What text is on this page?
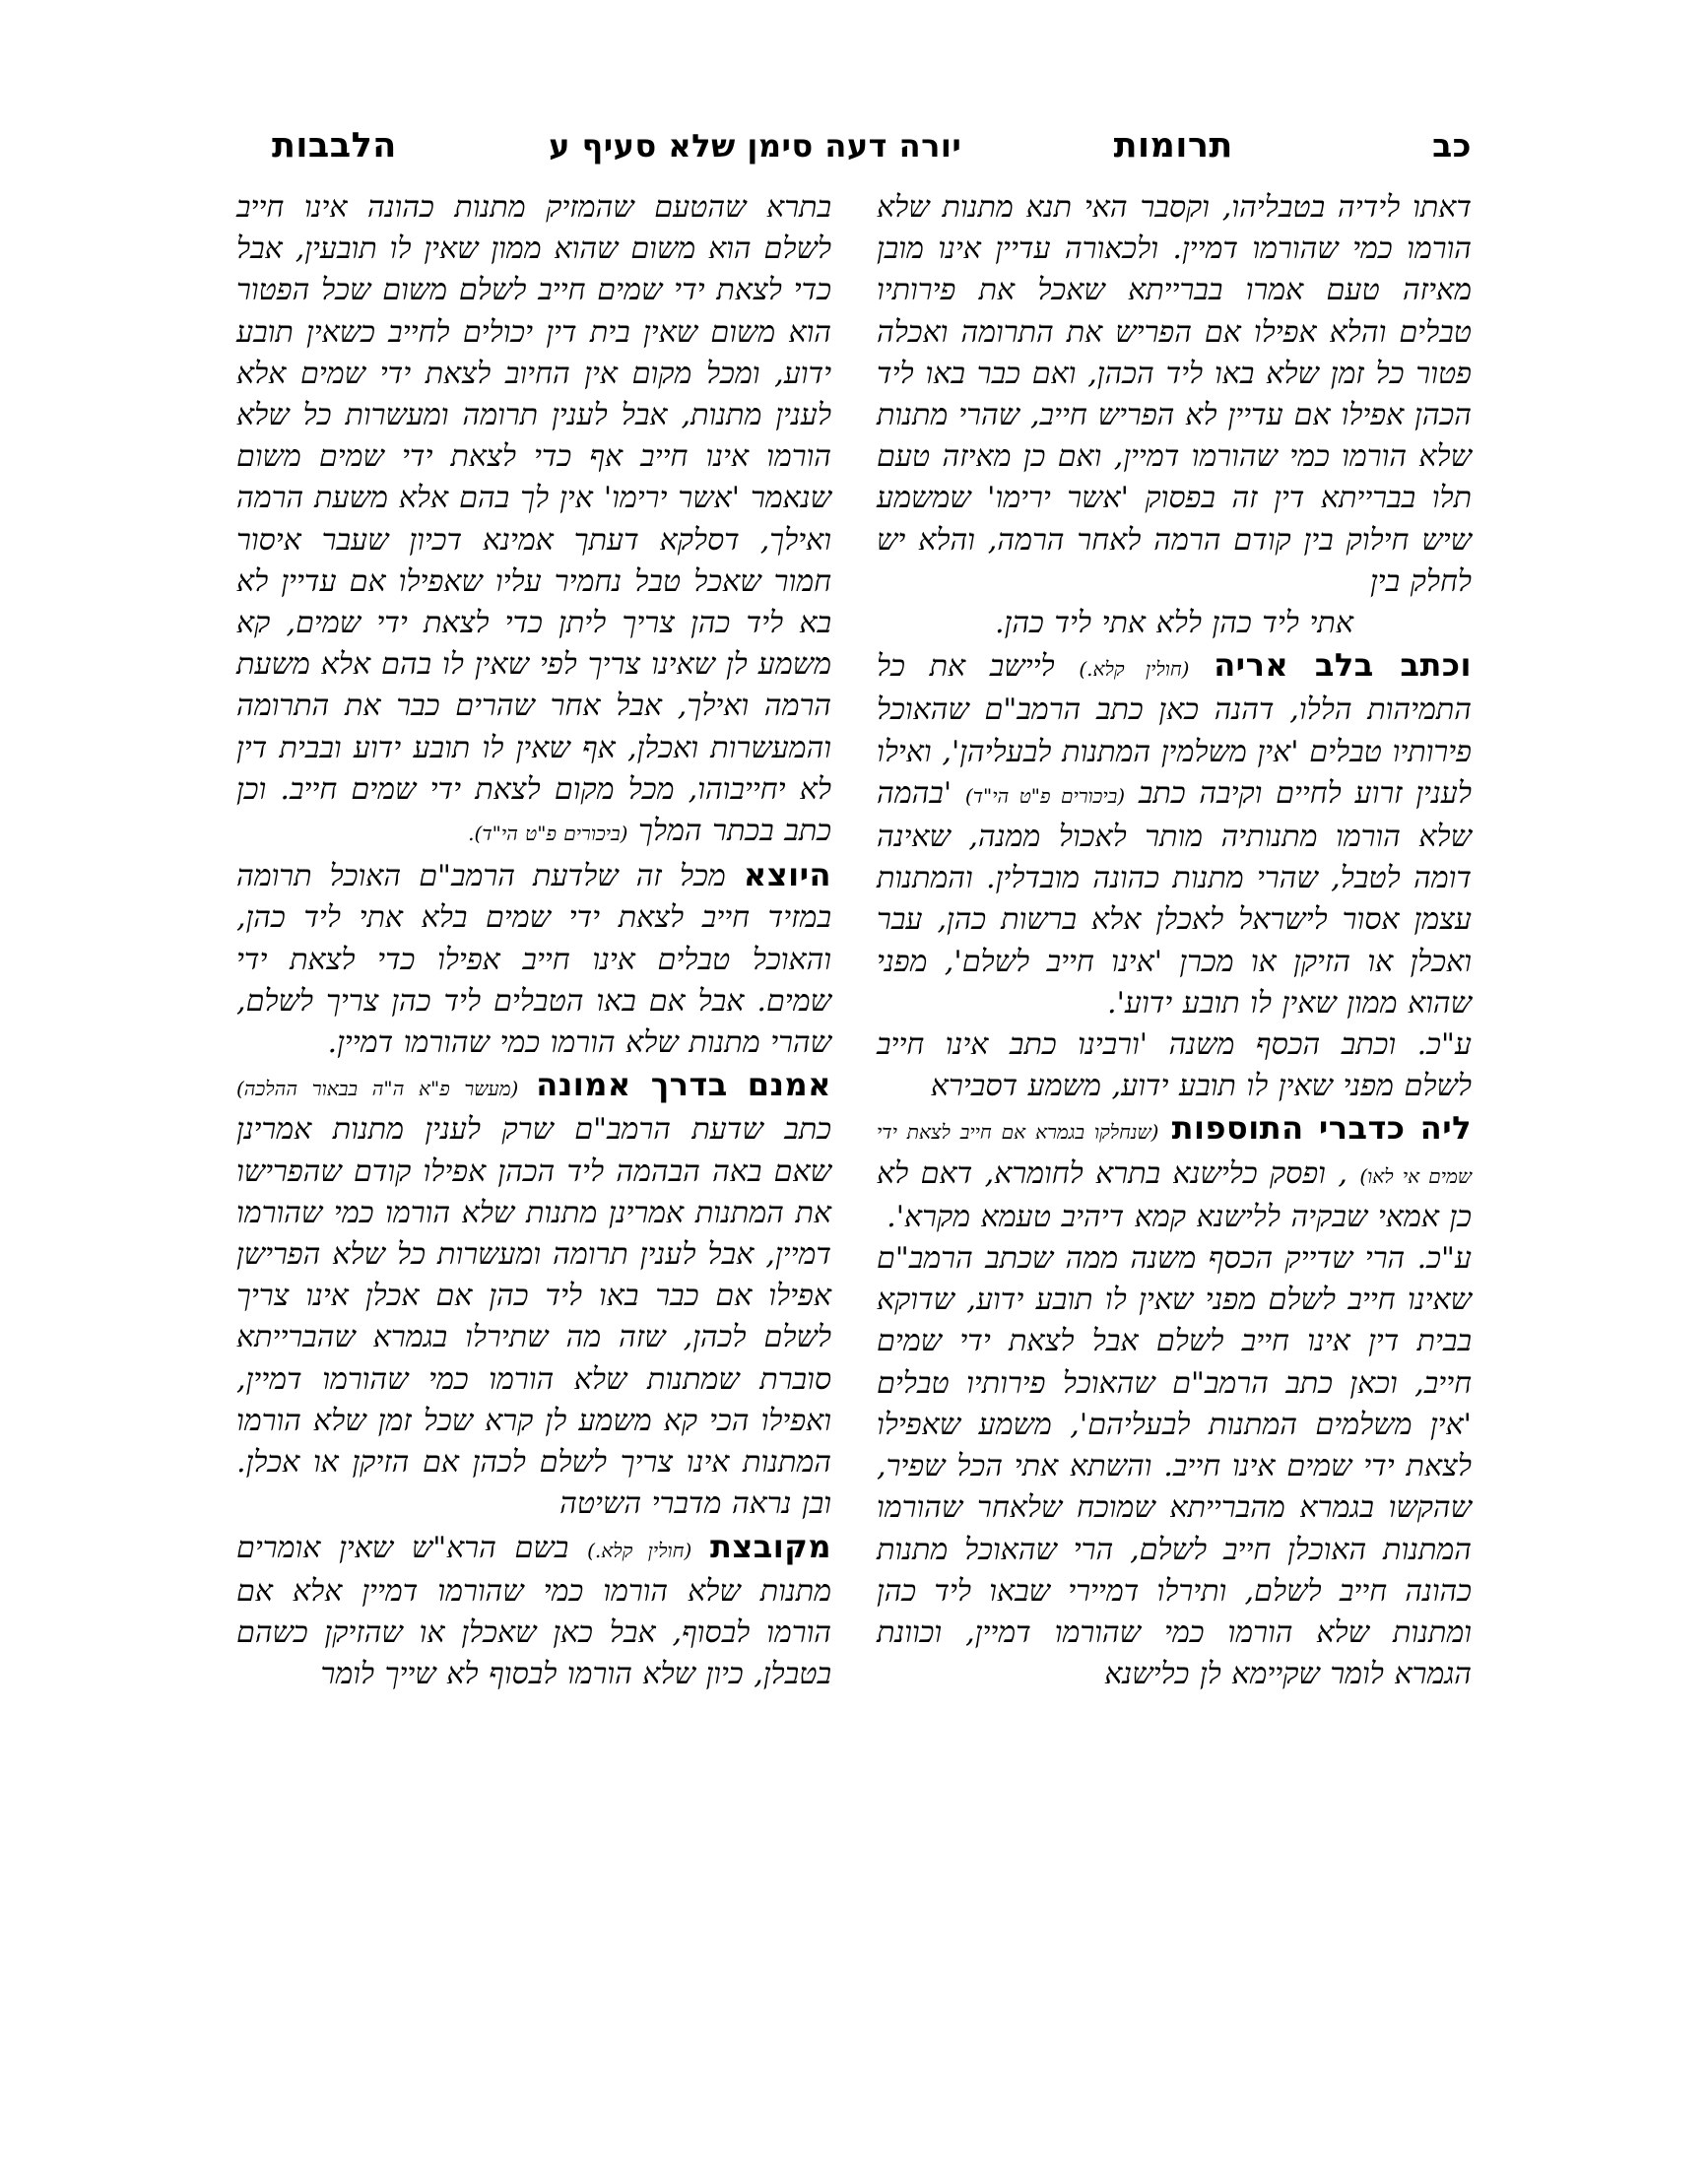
כב
תרומות
יורה דעה סימן שלא סעיף ע
הלבבות

דאתו לידיה בטבליהו, וקסבר האי תנא מתנות שלא הורמו כמי שהורמו דמיין. ולכאורה עדיין אינו מובן מאיזה טעם אמרו בברייתא שאכל את פירותיו טבלים והלא אפילו אם הפריש את התרומה ואכלה פטור כל זמן שלא באו ליד הכהן, ואם כבר באו ליד הכהן אפילו אם עדיין לא הפריש חייב, שהרי מתנות שלא הורמו כמי שהורמו דמיין, ואם כן מאיזה טעם תלו בברייתא דין זה בפסוק 'אשר ירימו' שמשמע שיש חילוק בין קודם הרמה לאחר הרמה, והלא יש לחלק בין

אתי ליד כהן ללא אתי ליד כהן.

וכתב בלב אריה (חולין קלא.) ליישב את כל התמיהות הללו, דהנה כאן כתב הרמב"ם שהאוכל פירותיו טבלים 'אין משלמין המתנות לבעליהן', ואילו לענין זרוע לחיים וקיבה כתב (ביכורים פ"ט הי"ד) 'בהמה שלא הורמו מתנותיה מותר לאכול ממנה, שאינה דומה לטבל, שהרי מתנות כהונה מובדלין. והמתנות עצמן אסור לישראל לאכלן אלא ברשות כהן, עבר ואכלן או הזיקן או מכרן 'אינו חייב לשלם', מפני שהוא ממון שאין לו תובע ידוע'.

ע"כ. וכתב הכסף משנה 'ורבינו כתב אינו חייב לשלם מפני שאין לו תובע ידוע, משמע דסבירא

ליה כדברי התוספות (שנחלקו בגמרא אם חייב לצאת ידי שמים אי לאו) , ופסק כלישנא בתרא לחומרא, דאם לא כן אמאי שבקיה ללישנא קמא דיהיב טעמא מקרא'.

ע"כ. הרי שדייק הכסף משנה ממה שכתב הרמב"ם שאינו חייב לשלם מפני שאין לו תובע ידוע, שדוקא בבית דין אינו חייב לשלם אבל לצאת ידי שמים חייב, וכאן כתב הרמב"ם שהאוכל פירותיו טבלים 'אין משלמים המתנות לבעליהם', משמע שאפילו לצאת ידי שמים אינו חייב. והשתא אתי הכל שפיר, שהקשו בגמרא מהברייתא שמוכח שלאחר שהורמו המתנות האוכלן חייב לשלם, הרי שהאוכל מתנות כהונה חייב לשלם, ותירלו דמיירי שבאו ליד כהן ומתנות שלא הורמו כמי שהורמו דמיין, וכוונת הגמרא לומר שקיימא לן כלישנא

בתרא שהטעם שהמזיק מתנות כהונה אינו חייב לשלם הוא משום שהוא ממון שאין לו תובעין, אבל כדי לצאת ידי שמים חייב לשלם משום שכל הפטור הוא משום שאין בית דין יכולים לחייב כשאין תובע ידוע, ומכל מקום אין החיוב לצאת ידי שמים אלא לענין מתנות, אבל לענין תרומה ומעשרות כל שלא הורמו אינו חייב אף כדי לצאת ידי שמים משום שנאמר 'אשר ירימו' אין לך בהם אלא משעת הרמה ואילך, דסלקא דעתך אמינא דכיון שעבר איסור חמור שאכל טבל נחמיר עליו שאפילו אם עדיין לא בא ליד כהן צריך ליתן כדי לצאת ידי שמים, קא משמע לן שאינו צריך לפי שאין לו בהם אלא משעת הרמה ואילך, אבל אחר שהרים כבר את התרומה והמעשרות ואכלן, אף שאין לו תובע ידוע ובבית דין לא יחייבוהו, מכל מקום לצאת ידי שמים חייב. וכן כתב בכתר המלך (ביכורים פ"ט הי"ד).

היוצא מכל זה שלדעת הרמב"ם האוכל תרומה במזיד חייב לצאת ידי שמים בלא אתי ליד כהן, והאוכל טבלים אינו חייב אפילו כדי לצאת ידי שמים. אבל אם באו הטבלים ליד כהן צריך לשלם, שהרי מתנות שלא הורמו כמי שהורמו דמיין.

אמנם בדרך אמונה (מעשר פ"א ה"ה בבאור ההלכה) כתב שדעת הרמב"ם שרק לענין מתנות אמרינן שאם באה הבהמה ליד הכהן אפילו קודם שהפרישו את המתנות אמרינן מתנות שלא הורמו כמי שהורמו דמיין, אבל לענין תרומה ומעשרות כל שלא הפרישן אפילו אם כבר באו ליד כהן אם אכלן אינו צריך לשלם לכהן, שזה מה שתירלו בגמרא שהברייתא סוברת שמתנות שלא הורמו כמי שהורמו דמיין, ואפילו הכי קא משמע לן קרא שכל זמן שלא הורמו המתנות אינו צריך לשלם לכהן אם הזיקן או אכלן. ובן נראה מדברי השיטה

מקובצת (חולין קלא.) בשם הרא"ש שאין אומרים מתנות שלא הורמו כמי שהורמו דמיין אלא אם הורמו לבסוף, אבל כאן שאכלן או שהזיקן כשהם בטבלן, כיון שלא הורמו לבסוף לא שייך לומר
